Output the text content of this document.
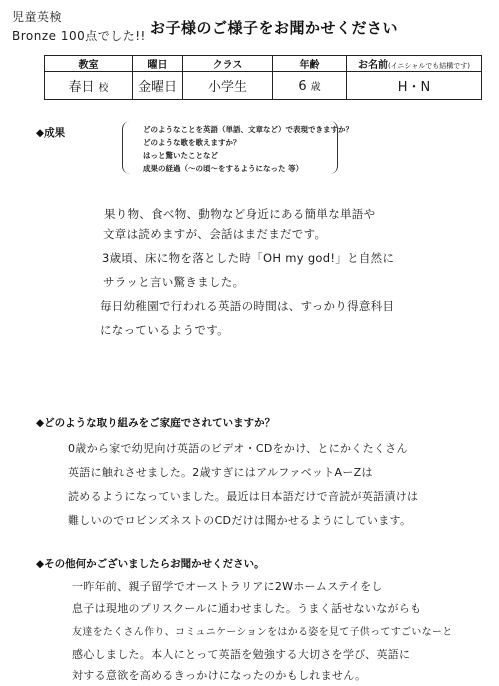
児童英検
Bronze 100点でした!! お子様のご様子をお聞かせください
教室	曜日	クラス	年齢	お名前(イニシャルでも結構です)
春日 校	金曜日	小学生	6 歳	H・N
◆成果	どのようなことを英語（単語、文章など）で表現できますか？
どのような歌を歌えますか？
はっと驚いたことなど
成果の経過（～の頃～をするようになった 等）
果り物、食べ物、動物など身近にある簡単な単語や
文章は読めますが、会話はまだまだです。
3歳頃、床に物を落とした時「OH my god!」と自然に
サラッと言い驚きました。
毎日幼稚園で行われる英語の時間は、すっかり得意科目
になっているようです。
◆どのような取り組みをご家庭でされていますか？
0歳から家で幼児向け英語のビデオ・CDをかけ、とにかくたくさん
英語に触れさせました。2歳すぎにはアルファベットAーZは
読めるようになっていました。最近は日本語だけで音読が英語漬けは
難しいのでロビンズネストのCDだけは聞かせるようにしています。
◆その他何かございましたらお聞かせください。
一昨年前、親子留学でオーストラリアに2Wホームステイをし
息子は現地のプリスクールに通わせました。うまく話せないながらも
友達をたくさん作り、コミュニケーションをはかる姿を見て子供ってすごいなーと
感心しました。本人にとって英語を勉強する大切さを学び、英語に
対する意欲を高めるきっかけになったのかもしれません。
